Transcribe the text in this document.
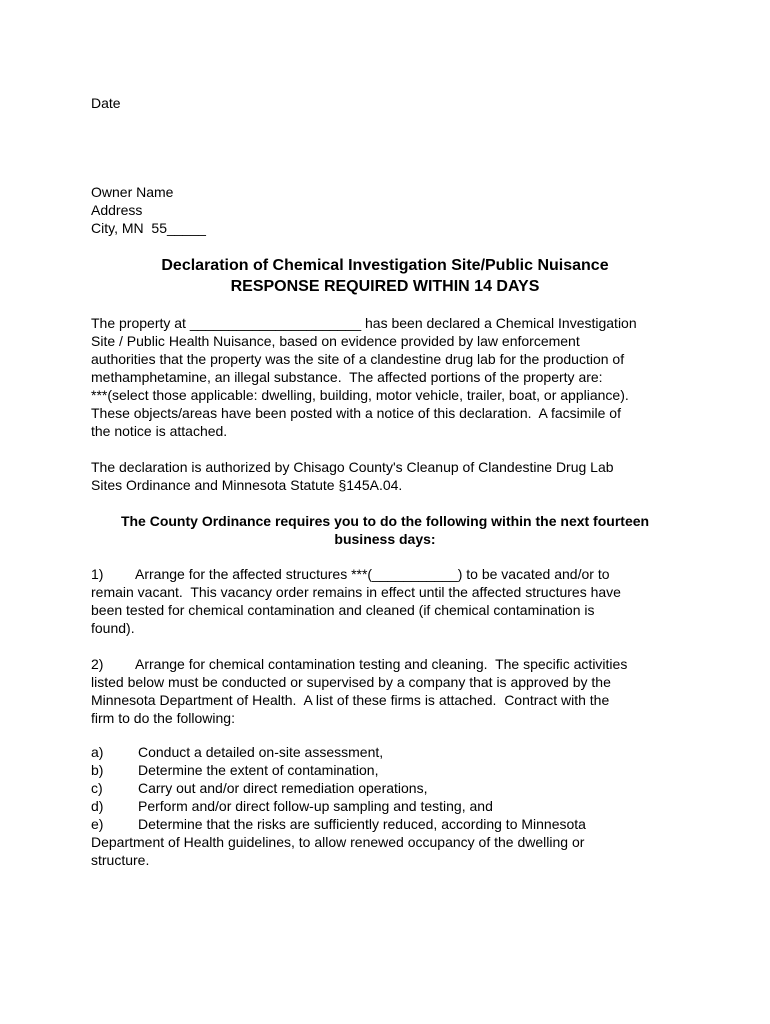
Date
Owner Name
Address
City, MN  55_____
Declaration of Chemical Investigation Site/Public Nuisance
RESPONSE REQUIRED WITHIN 14 DAYS
The property at ______________________ has been declared a Chemical Investigation
Site / Public Health Nuisance, based on evidence provided by law enforcement
authorities that the property was the site of a clandestine drug lab for the production of
methamphetamine, an illegal substance.  The affected portions of the property are:
***(select those applicable: dwelling, building, motor vehicle, trailer, boat, or appliance).
These objects/areas have been posted with a notice of this declaration.  A facsimile of
the notice is attached.
The declaration is authorized by Chisago County's Cleanup of Clandestine Drug Lab
Sites Ordinance and Minnesota Statute §145A.04.
The County Ordinance requires you to do the following within the next fourteen
business days:
1) Arrange for the affected structures ***(___________) to be vacated and/or to
remain vacant.  This vacancy order remains in effect until the affected structures have
been tested for chemical contamination and cleaned (if chemical contamination is
found).
2) Arrange for chemical contamination testing and cleaning.  The specific activities
listed below must be conducted or supervised by a company that is approved by the
Minnesota Department of Health.  A list of these firms is attached.  Contract with the
firm to do the following:
a) Conduct a detailed on-site assessment,
b) Determine the extent of contamination,
c)	Carry out and/or direct remediation operations,
d) Perform and/or direct follow-up sampling and testing, and
e) Determine that the risks are sufficiently reduced, according to Minnesota
Department of Health guidelines, to allow renewed occupancy of the dwelling or
structure.
